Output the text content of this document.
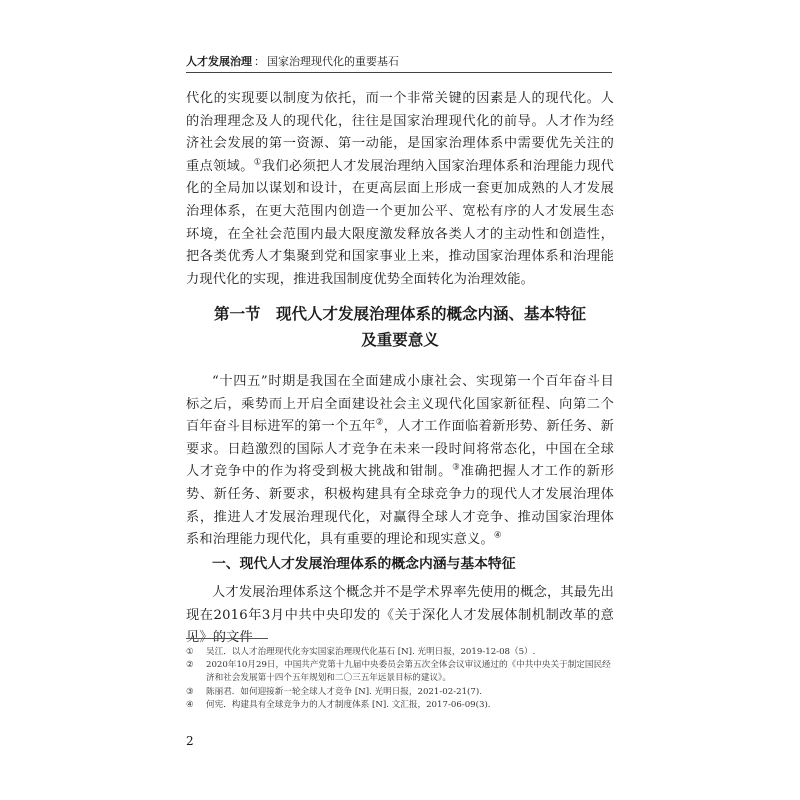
人才发展治理 ： 国家治理现代化的重要基石

代化的实现要以制度为依托，而一个非常关键的因素是人的现代化。人的治理理念及人的现代化，往往是国家治理现代化的前导。人才作为经济社会发展的第一资源、第一动能，是国家治理体系中需要优先关注的重点领域。①我们必须把人才发展治理纳入国家治理体系和治理能力现代化的全局加以谋划和设计，在更高层面上形成一套更加成熟的人才发展治理体系，在更大范围内创造一个更加公平、宽松有序的人才发展生态环境，在全社会范围内最大限度激发释放各类人才的主动性和创造性，把各类优秀人才集聚到党和国家事业上来，推动国家治理体系和治理能力现代化的实现，推进我国制度优势全面转化为治理效能。

第一节　现代人才发展治理体系的概念内涵、基本特征
及重要意义

“十四五”时期是我国在全面建成小康社会、实现第一个百年奋斗目标之后，乘势而上开启全面建设社会主义现代化国家新征程、向第二个百年奋斗目标进军的第一个五年②，人才工作面临着新形势、新任务、新要求。日趋激烈的国际人才竞争在未来一段时间将常态化，中国在全球人才竞争中的作为将受到极大挑战和钳制。③准确把握人才工作的新形势、新任务、新要求，积极构建具有全球竞争力的现代人才发展治理体系，推进人才发展治理现代化，对赢得全球人才竞争、推动国家治理体系和治理能力现代化，具有重要的理论和现实意义。④

一、现代人才发展治理体系的概念内涵与基本特征

人才发展治理体系这个概念并不是学术界率先使用的概念，其最先出现在2016年3月中共中央印发的《关于深化人才发展体制机制改革的意见》的文件

①	吴江．以人才治理现代化夯实国家治理现代化基石 [N]. 光明日报，2019-12-08（5）.
②	2020年10月29日，中国共产党第十九届中央委员会第五次全体会议审议通过的《中共中央关于制定国民经济和社会发展第十四个五年规划和二〇三五年远景目标的建议》。
③	陈丽君．如何迎接新一轮全球人才竞争 [N]. 光明日报，2021-02-21(7).
④	何宪．构建具有全球竞争力的人才制度体系 [N]. 文汇报，2017-06-09(3).
2
